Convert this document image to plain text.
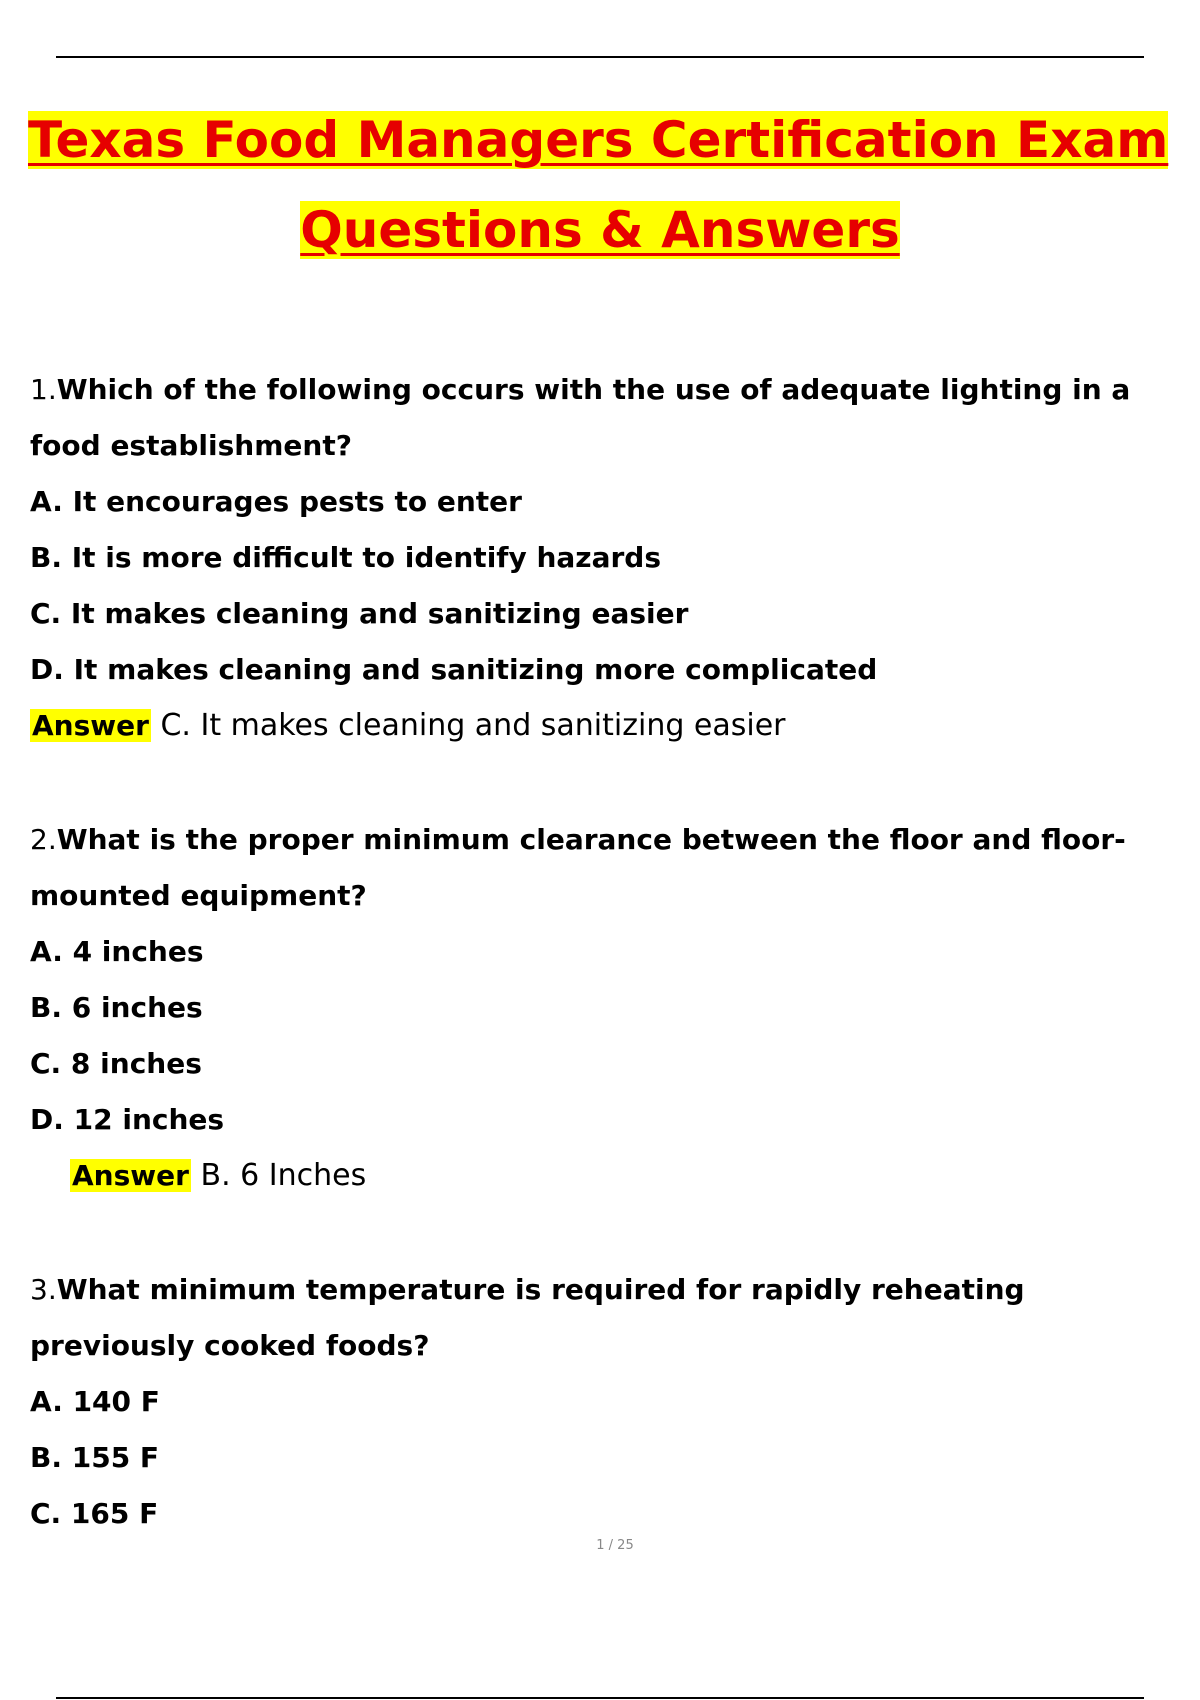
Texas Food Managers Certification Exam
Questions & Answers
1.Which of the following occurs with the use of adequate lighting in a food establishment?
A. It encourages pests to enter
B. It is more difficult to identify hazards
C. It makes cleaning and sanitizing easier
D. It makes cleaning and sanitizing more complicated
Answer C. It makes cleaning and sanitizing easier
2.What is the proper minimum clearance between the floor and floor-mounted equipment?
A. 4 inches
B. 6 inches
C. 8 inches
D. 12 inches
Answer B. 6 Inches
3.What minimum temperature is required for rapidly reheating previously cooked foods?
A. 140 F
B. 155 F
C. 165 F
1 / 25
